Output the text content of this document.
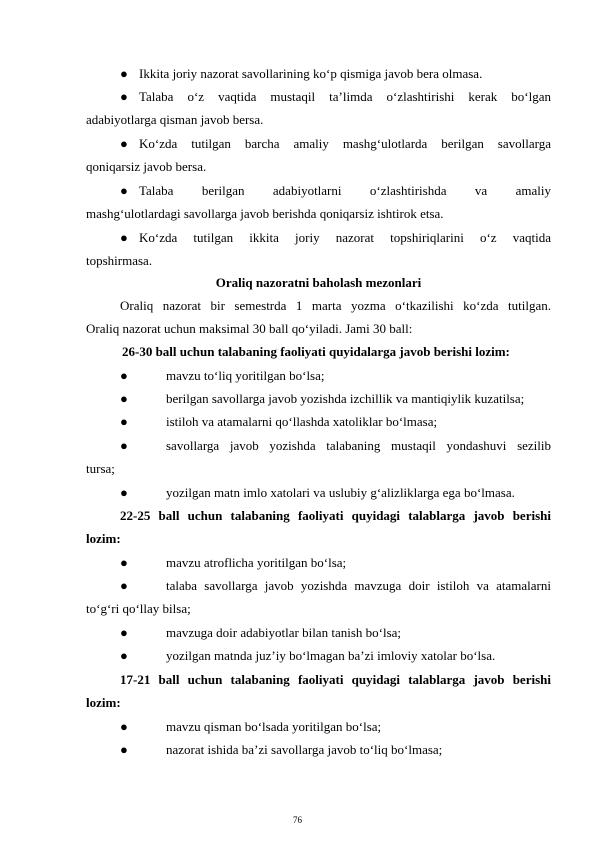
● Ikkita joriy nazorat savollarining ko‘p qismiga javob bera olmasa.
● Talaba o‘z vaqtida mustaqil ta’limda o‘zlashtirishi kerak bo‘lgan
adabiyotlarga qisman javob bersa.
● Ko‘zda tutilgan barcha amaliy mashg‘ulotlarda berilgan savollarga
qoniqarsiz javob bersa.
● Talaba berilgan adabiyotlarni o‘zlashtirishda va amaliy
mashg‘ulotlardagi savollarga javob berishda qoniqarsiz ishtirok etsa.
● Ko‘zda tutilgan ikkita joriy nazorat topshiriqlarini o‘z vaqtida
topshirmasa.
Oraliq nazoratni baholash mezonlari
Oraliq nazorat bir semestrda 1 marta yozma o‘tkazilishi ko‘zda tutilgan.
Oraliq nazorat uchun maksimal 30 ball qo‘yiladi. Jami 30 ball:
26-30 ball uchun talabaning faoliyati quyidalarga javob berishi lozim:
●	mavzu to‘liq yoritilgan bo‘lsa;
●	berilgan savollarga javob yozishda izchillik va mantiqiylik kuzatilsa;
●	istiloh va atamalarni qo‘llashda xatoliklar bo‘lmasa;
●	savollarga javob yozishda talabaning mustaqil yondashuvi sezilib
tursa;
●	yozilgan matn imlo xatolari va uslubiy g‘alizliklarga ega bo‘lmasa.
22-25 ball uchun talabaning faoliyati quyidagi talablarga javob berishi
lozim:
●	mavzu atroflicha yoritilgan bo‘lsa;
●	talaba savollarga javob yozishda mavzuga doir istiloh va atamalarni
to‘g‘ri qo‘llay bilsa;
●	mavzuga doir adabiyotlar bilan tanish bo‘lsa;
●	yozilgan matnda juz’iy bo‘lmagan ba’zi imloviy xatolar bo‘lsa.
17-21 ball uchun talabaning faoliyati quyidagi talablarga javob berishi
lozim:
●	mavzu qisman bo‘lsada yoritilgan bo‘lsa;
●	nazorat ishida ba’zi savollarga javob to‘liq bo‘lmasa;
76
